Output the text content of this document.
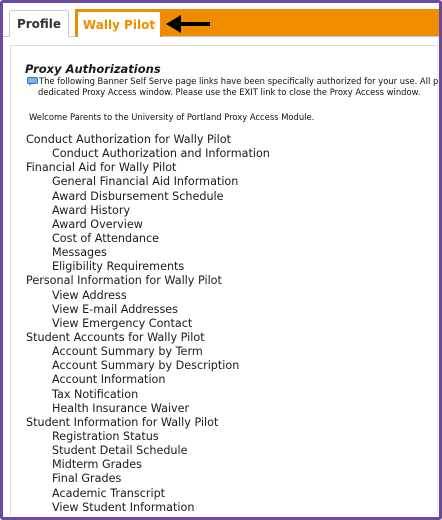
Profile	Wally Pilot
Proxy Authorizations
The following Banner Self Serve page links have been specifically authorized for your use. All p
dedicated Proxy Access window. Please use the EXIT link to close the Proxy Access window.
Welcome Parents to the University of Portland Proxy Access Module.
Conduct Authorization for Wally Pilot
Conduct Authorization and Information
Financial Aid for Wally Pilot
General Financial Aid Information
Award Disbursement Schedule
Award History
Award Overview
Cost of Attendance
Messages
Eligibility Requirements
Personal Information for Wally Pilot
View Address
View E-mail Addresses
View Emergency Contact
Student Accounts for Wally Pilot
Account Summary by Term
Account Summary by Description
Account Information
Tax Notification
Health Insurance Waiver
Student Information for Wally Pilot
Registration Status
Student Detail Schedule
Midterm Grades
Final Grades
Academic Transcript
View Student Information
